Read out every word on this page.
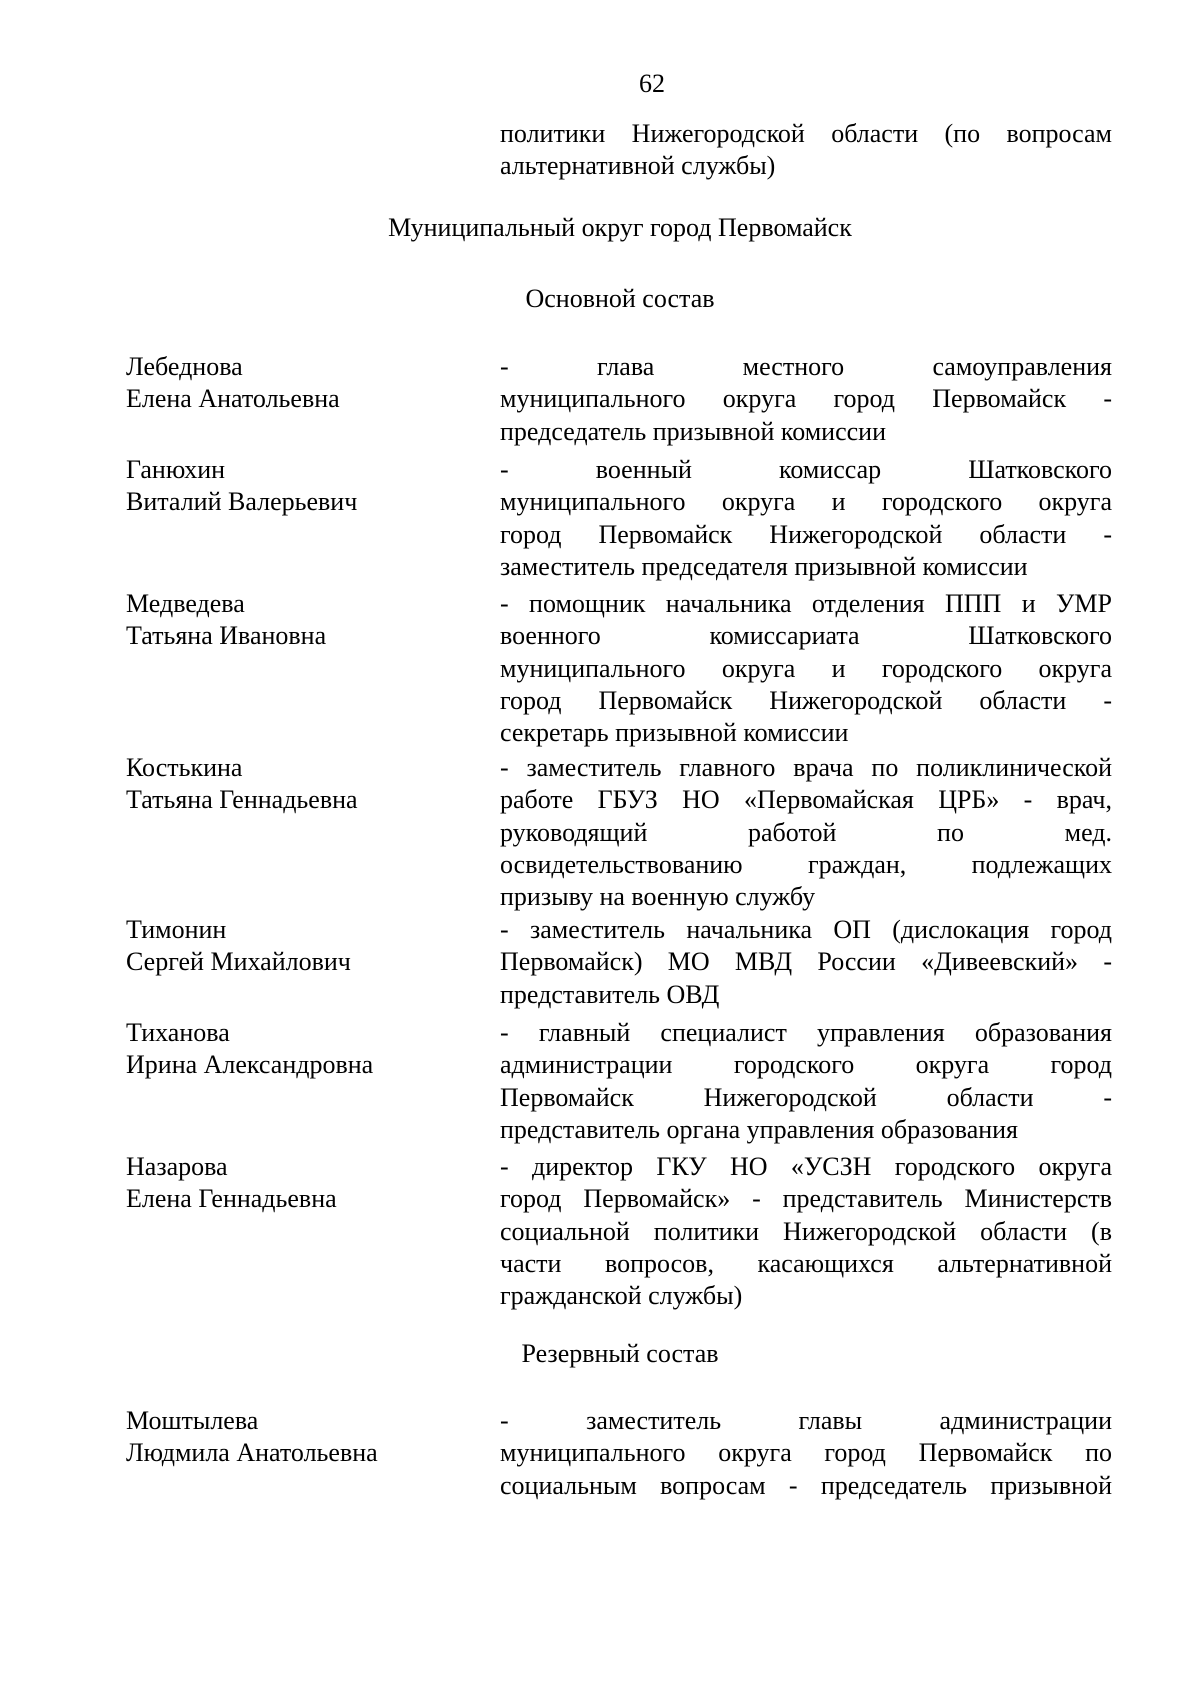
62
политики Нижегородской области (по вопросам
альтернативной службы)
Муниципальный округ город Первомайск
Основной состав
Лебеднова
Елена Анатольевна
- глава местного самоуправления
муниципального округа город Первомайск -
председатель призывной комиссии
Ганюхин
Виталий Валерьевич
- военный комиссар Шатковского
муниципального округа и городского округа
город Первомайск Нижегородской области -
заместитель председателя призывной комиссии
Медведева
Татьяна Ивановна
- помощник начальника отделения ППП и УМР
военного комиссариата Шатковского
муниципального округа и городского округа
город Первомайск Нижегородской области -
секретарь призывной комиссии
Костькина
Татьяна Геннадьевна
- заместитель главного врача по поликлинической
работе ГБУЗ НО «Первомайская ЦРБ» - врач,
руководящий работой по мед.
освидетельствованию граждан, подлежащих
призыву на военную службу
Тимонин
Сергей Михайлович
- заместитель начальника ОП (дислокация город
Первомайск) МО МВД России «Дивеевский» -
представитель ОВД
Тиханова
Ирина Александровна
- главный специалист управления образования
администрации городского округа город
Первомайск Нижегородской области -
представитель органа управления образования
Назарова
Елена Геннадьевна
- директор ГКУ НО «УСЗН городского округа
город Первомайск» - представитель Министерств
социальной политики Нижегородской области (в
части вопросов, касающихся альтернативной
гражданской службы)
Резервный состав
Моштылева
Людмила Анатольевна
- заместитель главы администрации
муниципального округа город Первомайск по
социальным вопросам - председатель призывной
